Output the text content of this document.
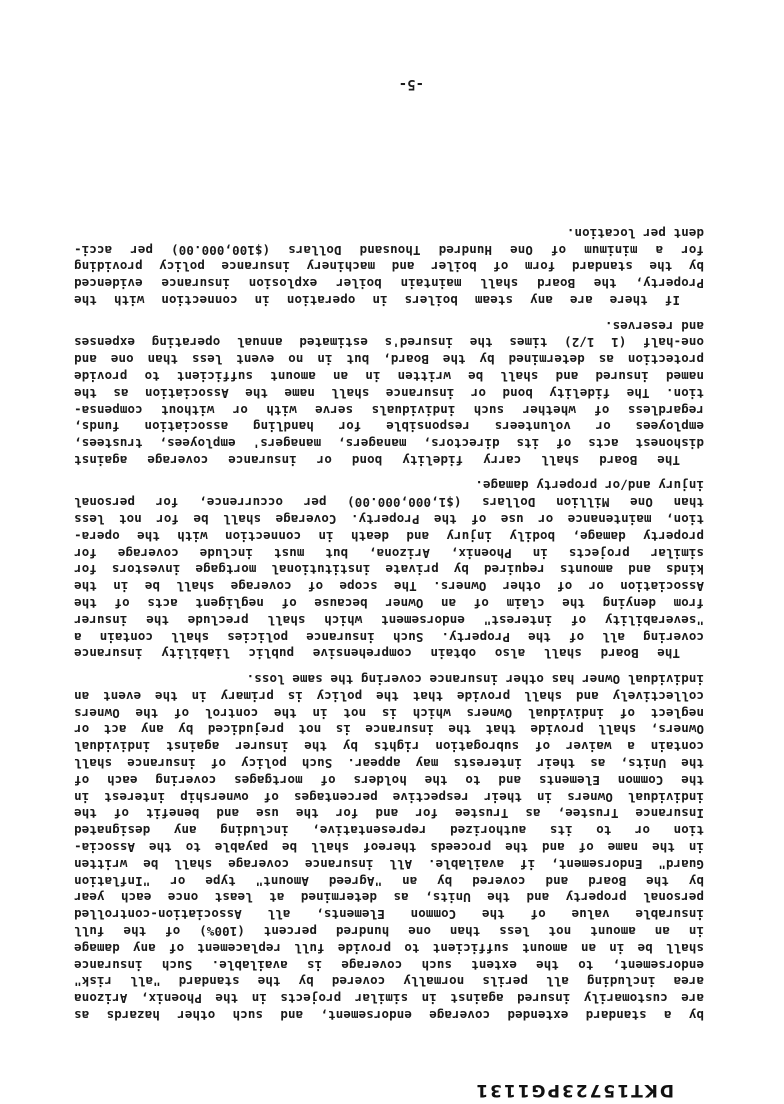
DKT15723PG1131
by a standard extended coverage endorsement, and such other hazards as
are customarily insured against in similar projects in the Phoenix, Arizona
area including all perils normally covered by the standard "all risk"
endorsement, to the extent such coverage is available. Such insurance
shall be in an amount sufficient to provide full replacement of any damage
in an amount not less than one hundred percent (100%) of the full
insurable value of the Common Elements, all Association-controlled
personal property and the Units, as determined at least once each year
by the Board and covered by an "Agreed Amount" type or "Inflation
Guard" Endorsement, if available. All insurance coverage shall be written
in the name of and the proceeds thereof shall be payable to the Associa-
tion or to its authorized representative, including any designated
Insurance Trustee, as Trustee for and for the use and benefit of the
individual Owners in their respective percentages of ownership interest in
the Common Elements and to the holders of mortgages covering each of
the Units, as their interests may appear. Such policy of insurance shall
contain a waiver of subrogation rights by the insurer against individual
Owners, shall provide that the insurance is not prejudiced by any act or
neglect of individual Owners which is not in the control of the Owners
collectively and shall provide that the policy is primary in the event an
individual Owner has other insurance covering the same loss.
The Board shall also obtain comprehensive public liability insurance
covering all of the Property. Such insurance policies shall contain a
"severability of interest" endorsement which shall preclude the insurer
from denying the claim of an Owner because of negligent acts of the
Association or of other Owners. The scope of coverage shall be in the
kinds and amounts required by private institutional mortgage investors for
similar projects in Phoenix, Arizona, but must include coverage for
property damage, bodily injury and death in connection with the opera-
tion, maintenance or use of the Property. Coverage shall be for not less
than One Million Dollars ($1,000,000.00) per occurrence, for personal
injury and/or property damage.
The Board shall carry fidelity bond or insurance coverage against
dishonest acts of its directors, managers, managers' employees, trustees,
employees or volunteers responsible for handling association funds,
regardless of whether such individuals serve with or without compensa-
tion. The fidelity bond or insurance shall name the Association as the
named insured and shall be written in an amount sufficient to provide
protection as determined by the Board, but in no event less than one and
one-half (1 1/2) times the insured's estimated annual operating expenses
and reserves.
If there are any steam boilers in operation in connection with the
Property, the Board shall maintain boiler explosion insurance evidenced
by the standard form of boiler and machinery insurance policy providing
for a minimum of One Hundred Thousand Dollars ($100,000.00) per acci-
dent per location.
-5-
